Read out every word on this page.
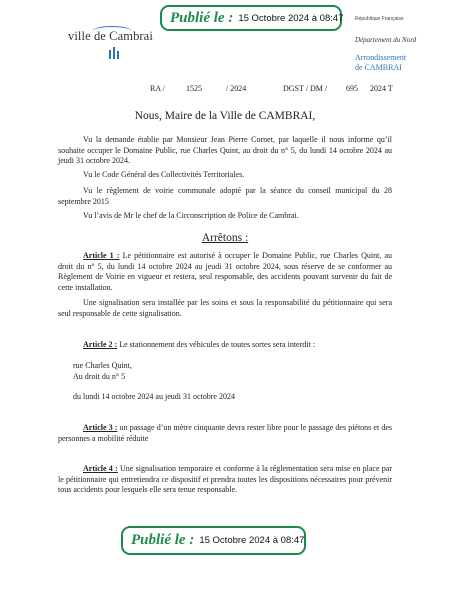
Publié le : 15 Octobre 2024 à 08:47
ville de Cambrai
République Française
Département du Nord
Arrondissement
de CAMBRAI
RA /	1525	/ 2024	DGST / DM / 695 2024 T
Nous, Maire de la Ville de CAMBRAI,

Vu la demande établie par Monsieur Jean Pierre Cornet, par laquelle il nous informe qu’il souhaite occuper le Domaine Public, rue Charles Quint, au droit du n° 5, du lundi 14 octobre 2024 au jeudi 31 octobre 2024.

Vu le Code Général des Collectivités Territoriales.

Vu le règlement de voirie communale adopté par la séance du conseil municipal du 28 septembre 2015

Vu l’avis de Mr le chef de la Circonscription de Police de Cambrai.

Arrêtons :

Article 1 : Le pétitionnaire est autorisé à occuper le Domaine Public, rue Charles Quint, au droit du n° 5, du lundi 14 octobre 2024 au jeudi 31 octobre 2024, sous réserve de se conformer au Règlement de Voirie en vigueur et restera, seul responsable, des accidents pouvant survenir du fait de cette installation.

Une signalisation sera installée par les soins et sous la responsabilité du pétitionnaire qui sera seul responsable de cette signalisation.

Article 2 : Le stationnement des véhicules de toutes sortes sera interdit :

rue Charles Quint,
Au droit du n° 5
du lundi 14 octobre 2024 au jeudi 31 octobre 2024

Article 3 : un passage d’un mètre cinquante devra rester libre pour le passage des piétons et des personnes a mobilité réduite

Article 4 : Une signalisation temporaire et conforme à la réglementation sera mise en place par le pétitionnaire qui entretiendra ce dispositif et prendra toutes les dispositions nécessaires pour prévenir tous accidents pour lesquels elle sera tenue responsable.

Publié le : 15 Octobre 2024 à 08:47
